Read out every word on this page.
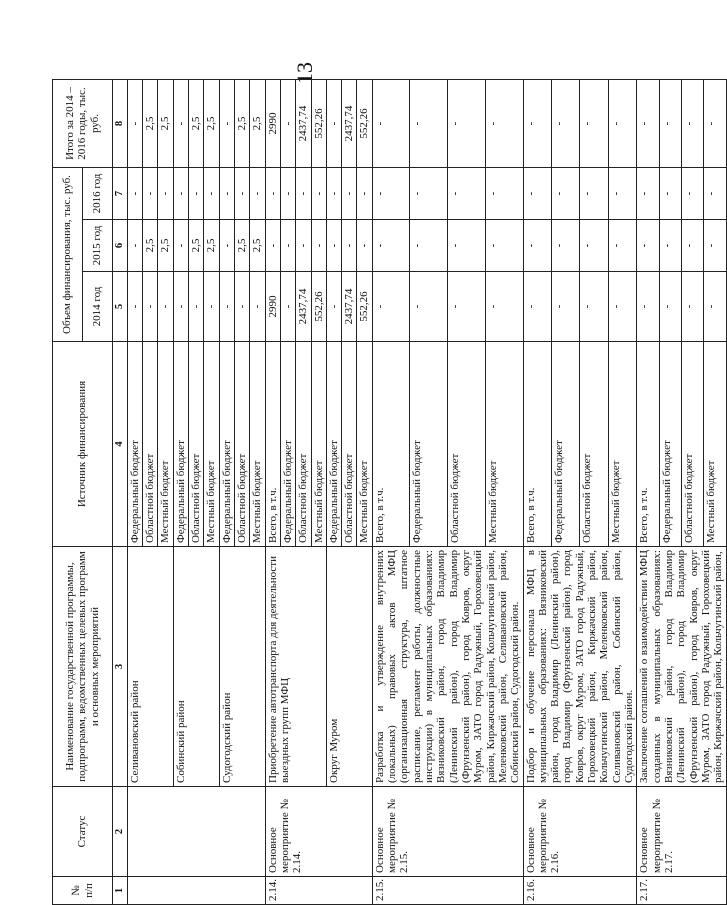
13
№ п/п	Статус	Наименование государственной программы, подпрограмм, ведомственных целевых программ и основных мероприятий	Источник финансирования	Объем финансирования, тыс. руб.			Итого за 2014 – 2016 годы, тыс. руб.
				2014 год	2015 год	2016 год	
1	2	3	4	5	6	7	8
		Селивановский район	Федеральный бюджет	-	-	-	-
			Областной бюджет	-	2,5	-	2,5
			Местный бюджет	-	2,5	-	2,5
		Собинский район	Федеральный бюджет	-	-	-	-
			Областной бюджет	-	2,5	-	2,5
			Местный бюджет	-	2,5	-	2,5
		Судогодский район	Федеральный бюджет	-	-	-	-
			Областной бюджет	-	2,5	-	2,5
			Местный бюджет	-	2,5	-	2,5
2.14.	Основное мероприятие № 2.14.	Приобретение автотранспорта для деятельности выездных групп МФЦ	Всего, в т.ч.	2990	-	-	2990
			Федеральный бюджет	-	-	-	-
			Областной бюджет	2437,74	-	-	2437,74
			Местный бюджет	552,26	-	-	552,26
		Округ Муром	Федеральный бюджет	-	-	-	-
			Областной бюджет	2437,74	-	-	2437,74
			Местный бюджет	552,26	-	-	552,26
2.15.	Основное мероприятие № 2.15.	Разработка и утверждение внутренних (локальных) правовых актов МФЦ (организационная структура, штатное расписание, регламент работы, должностные инструкции) в муниципальных образованиях: Вязниковский район, город Владимир (Ленинский район), город Владимир (Фрунзенский район), город Ковров, округ Муром, ЗАТО город Радужный, Гороховецкий район, Киржачский район, Кольчугинский район, Меленковский район, Селивановский район, Собинский район, Судогодский район.	Всего, в т.ч.	-	-	-	-
			Федеральный бюджет	-	-	-	-
			Областной бюджет	-	-	-	-
			Местный бюджет	-	-	-	-
2.16.	Основное мероприятие № 2.16.	Подбор и обучение персонала МФЦ в муниципальных образованиях: Вязниковский район, город Владимир (Ленинский район), город Владимир (Фрунзенский район), город Ковров, округ Муром, ЗАТО город Радужный, Гороховецкий район, Киржачский район, Кольчугинский район, Меленковский район, Селивановский район, Собинский район, Судогодский район.	Всего, в т.ч.	-	-	-	-
			Федеральный бюджет	-	-	-	-
			Областной бюджет	-	-	-	-
			Местный бюджет	-	-	-	-
2.17.	Основное мероприятие № 2.17.	Заключение соглашений о взаимодействии МФЦ созданных в муниципальных образованиях: Вязниковский район, город Владимир (Ленинский район), город Владимир (Фрунзенский район), город Ковров, округ Муром, ЗАТО город Радужный, Гороховецкий район, Киржачский район, Кольчугинский район,	Всего, в т.ч.	-	-	-	-
			Федеральный бюджет	-	-	-	-
			Областной бюджет	-	-	-	-
			Местный бюджет	-	-	-	-
